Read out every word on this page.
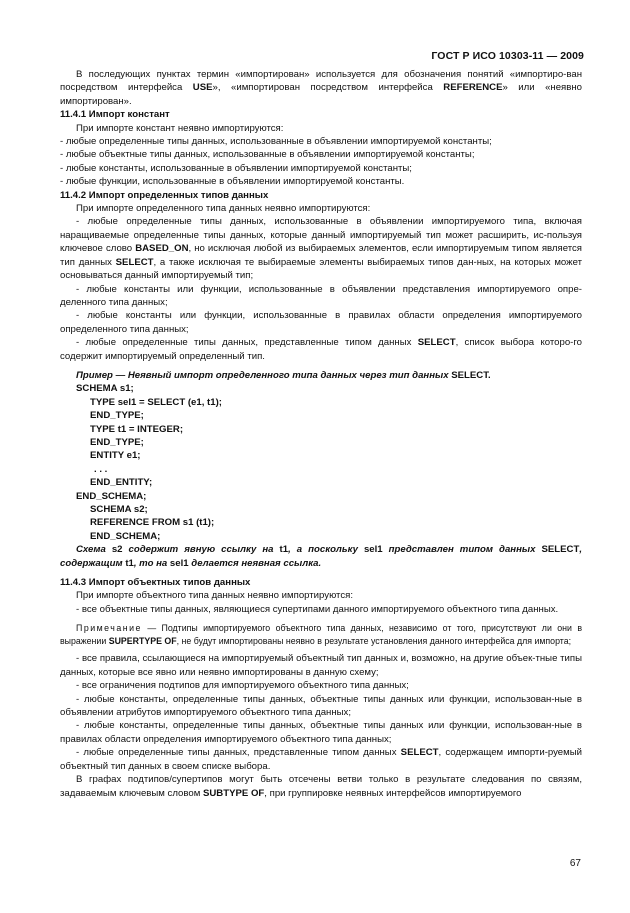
ГОСТ Р ИСО 10303-11 — 2009

В последующих пунктах термин «импортирован» используется для обозначения понятий «импортиро-ван посредством интерфейса USE», «импортирован посредством интерфейса REFERENCE» или «неявно импортирован».

11.4.1 Импорт констант

При импорте констант неявно импортируются:

- любые определенные типы данных, использованные в объявлении импортируемой константы;

- любые объектные типы данных, использованные в объявлении импортируемой константы;

- любые константы, использованные в объявлении импортируемой константы;

- любые функции, использованные в объявлении импортируемой константы.

11.4.2 Импорт определенных типов данных

При импорте определенного типа данных неявно импортируются:

- любые определенные типы данных, использованные в объявлении импортируемого типа, включая наращиваемые определенные типы данных, которые данный импортируемый тип может расширить, ис-пользуя ключевое слово BASED_ON, но исключая любой из выбираемых элементов, если импортируемым типом является тип данных SELECT, а также исключая те выбираемые элементы выбираемых типов дан-ных, на которых может основываться данный импортируемый тип;

- любые константы или функции, использованные в объявлении представления импортируемого опре-деленного типа данных;

- любые константы или функции, использованные в правилах области определения импортируемого определенного типа данных;

- любые определенные типы данных, представленные типом данных SELECT, список выбора которо-го содержит импортируемый определенный тип.

Пример — Неявный импорт определенного типа данных через тип данных SELECT.

SCHEMA s1;

TYPE sel1 = SELECT (e1, t1);

END_TYPE;

TYPE t1 = INTEGER;

END_TYPE;

ENTITY e1;

. . .

END_ENTITY;

END_SCHEMA;

SCHEMA s2;

REFERENCE FROM s1 (t1);

END_SCHEMA;

Схема s2 содержит явную ссылку на t1, а поскольку sel1 представлен типом данных SELECT, содержащим t1, то на sel1 делается неявная ссылка.

11.4.3 Импорт объектных типов данных

При импорте объектного типа данных неявно импортируются:

- все объектные типы данных, являющиеся супертипами данного импортируемого объектного типа данных.

Примечание — Подтипы импортируемого объектного типа данных, независимо от того, присутствуют ли они в выражении SUPERTYPE OF, не будут импортированы неявно в результате установления данного интерфейса для импорта;

- все правила, ссылающиеся на импортируемый объектный тип данных и, возможно, на другие объек-тные типы данных, которые все явно или неявно импортированы в данную схему;

- все ограничения подтипов для импортируемого объектного типа данных;

- любые константы, определенные типы данных, объектные типы данных или функции, использован-ные в объявлении атрибутов импортируемого объектного типа данных;

- любые константы, определенные типы данных, объектные типы данных или функции, использован-ные в правилах области определения импортируемого объектного типа данных;

- любые определенные типы данных, представленные типом данных SELECT, содержащем импорти-руемый объектный тип данных в своем списке выбора.

В графах подтипов/супертипов могут быть отсечены ветви только в результате следования по связям, задаваемым ключевым словом SUBTYPE OF, при группировке неявных интерфейсов импортируемого

67
